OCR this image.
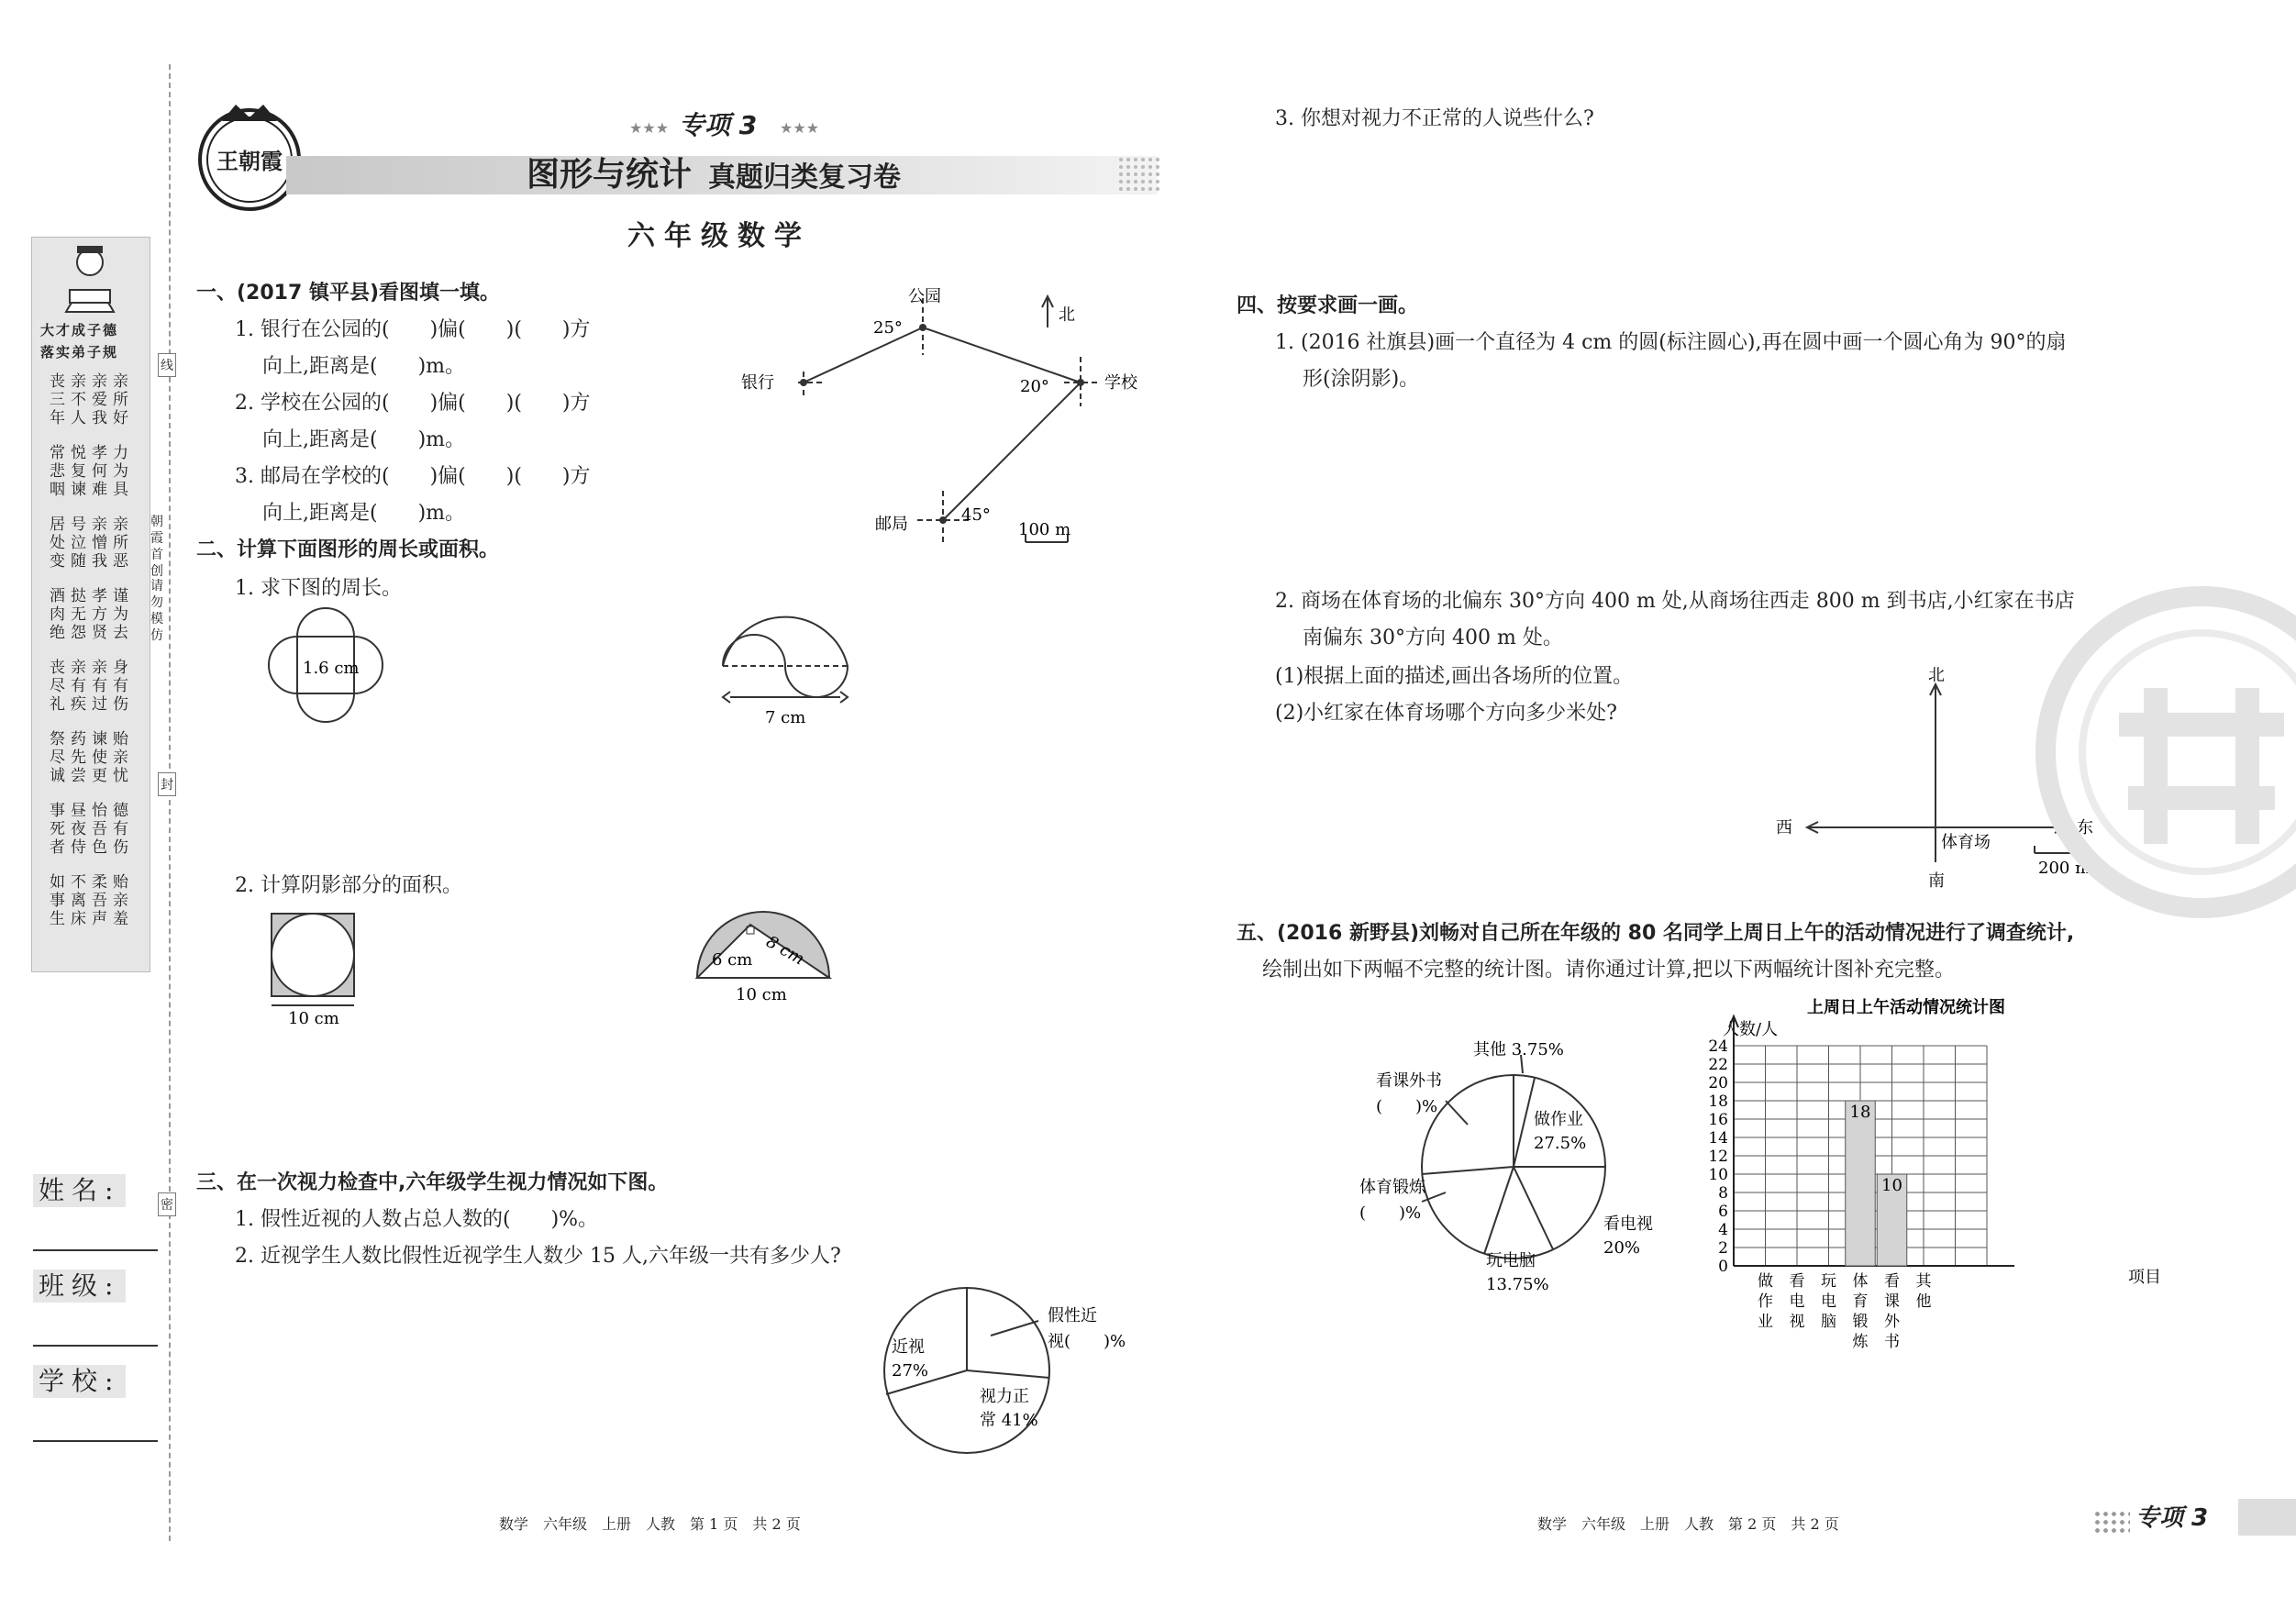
大才成子德
落实弟子规
丧亲亲亲
三不爱所
年人我好
常悦孝力
悲复何为
咽谏难具
居号亲亲
处泣憎所
变随我恶
酒挞孝谨
肉无方为
绝怨贤去
丧亲亲身
尽有有有
礼疾过伤
祭药谏贻
尽先使亲
诚尝更忧
事昼怡德
死夜吾有
者侍色伤
如不柔贻
事离吾亲
生床声羞
线
朝霞首创
请勿模仿
封
密
姓名:
班级:
学校:
王朝霞
★★★ 专项 3 ★★★
图形与统计 真题归类复习卷
六年级数学
一、(2017 镇平县)看图填一填。
1. 银行在公园的(　　)偏(　　)(　　)方
向上,距离是(　　)m。
2. 学校在公园的(　　)偏(　　)(　　)方
向上,距离是(　　)m。
3. 邮局在学校的(　　)偏(　　)(　　)方
向上,距离是(　　)m。
公园
银行	学校
邮局
北
25°
20°
45°
100 m
二、计算下面图形的周长或面积。
1. 求下图的周长。
1.6 cm
7 cm
2. 计算阴影部分的面积。
10 cm
8 cm
6 cm
10 cm
三、在一次视力检查中,六年级学生视力情况如下图。
1. 假性近视的人数占总人数的(　　)%。
2. 近视学生人数比假性近视学生人数少 15 人,六年级一共有多少人?
近视
27%
视力正
常 41%
假性近
视(　　)%
数学　六年级　上册　人教　第 1 页　共 2 页
3. 你想对视力不正常的人说些什么?
四、按要求画一画。
1. (2016 社旗县)画一个直径为 4 cm 的圆(标注圆心),再在圆中画一个圆心角为 90°的扇
形(涂阴影)。
2. 商场在体育场的北偏东 30°方向 400 m 处,从商场往西走 800 m 到书店,小红家在书店
南偏东 30°方向 400 m 处。
(1)根据上面的描述,画出各场所的位置。
(2)小红家在体育场哪个方向多少米处?
北
南
东
西
体育场
200 m
五、(2016 新野县)刘畅对自己所在年级的 80 名同学上周日上午的活动情况进行了调查统计,
绘制出如下两幅不完整的统计图。请你通过计算,把以下两幅统计图补充完整。
其他 3.75%
看课外书
(　　)%
做作业
27.5%
体育锻炼
(　　)%
看电视
20%
玩电脑
13.75%
上周日上午活动情况统计图
人数/人
项目
18
10
0
2
4
6
8
10
12
14
16
18
20
22
24
做
作
业
看
电
视
玩
电
脑
体
育
锻
炼
看
课
外
书
其
他
数学　六年级　上册　人教　第 2 页　共 2 页	专项 3
